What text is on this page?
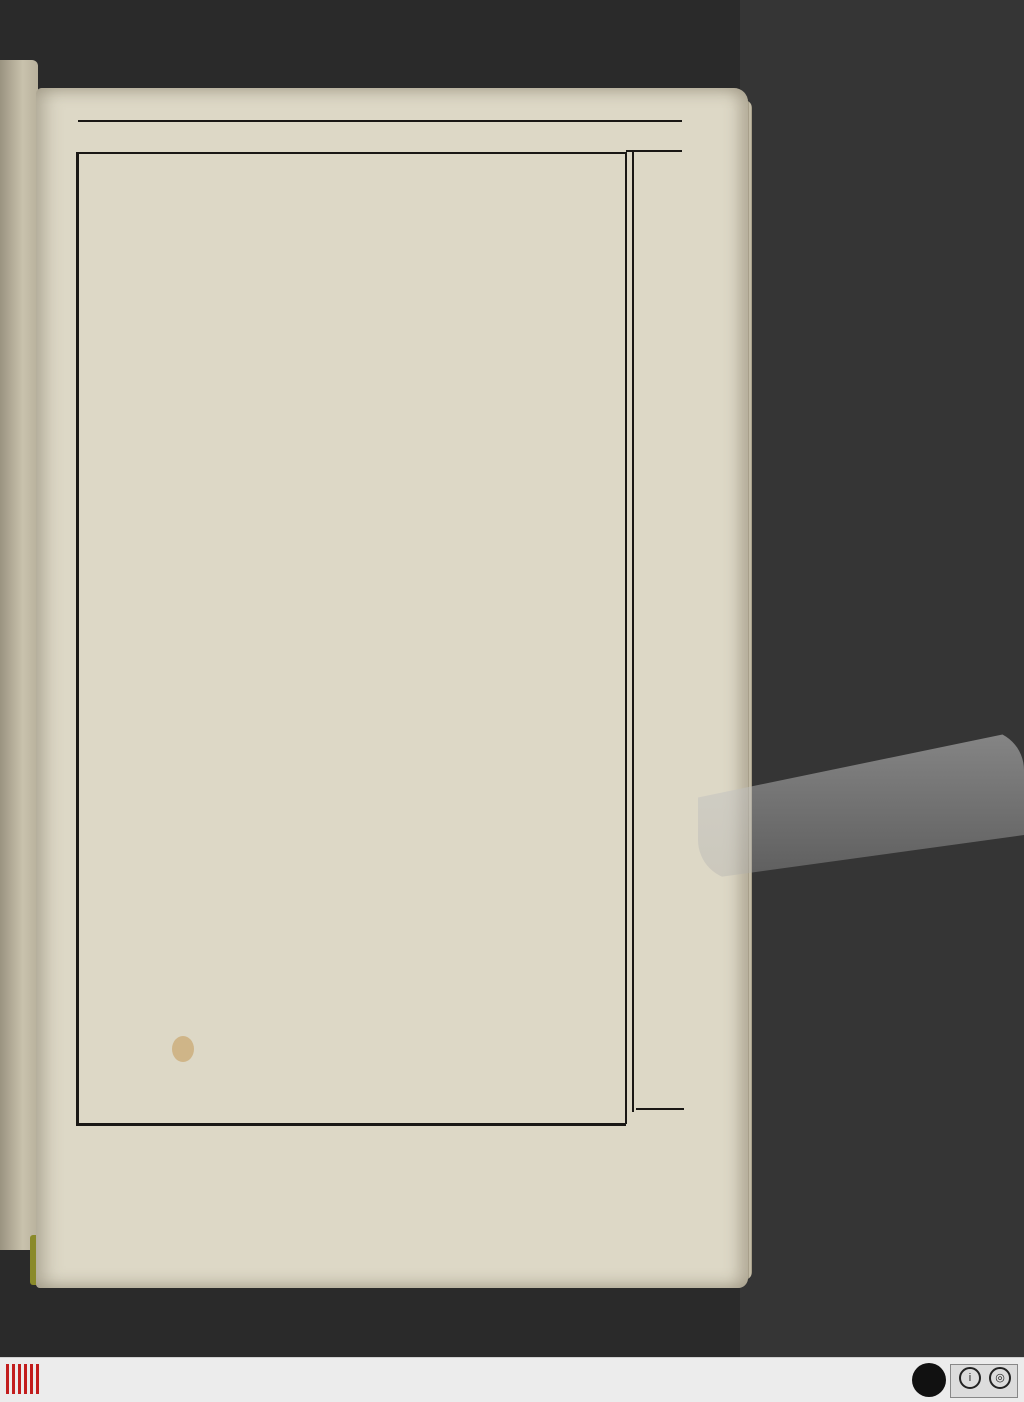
i	◎
